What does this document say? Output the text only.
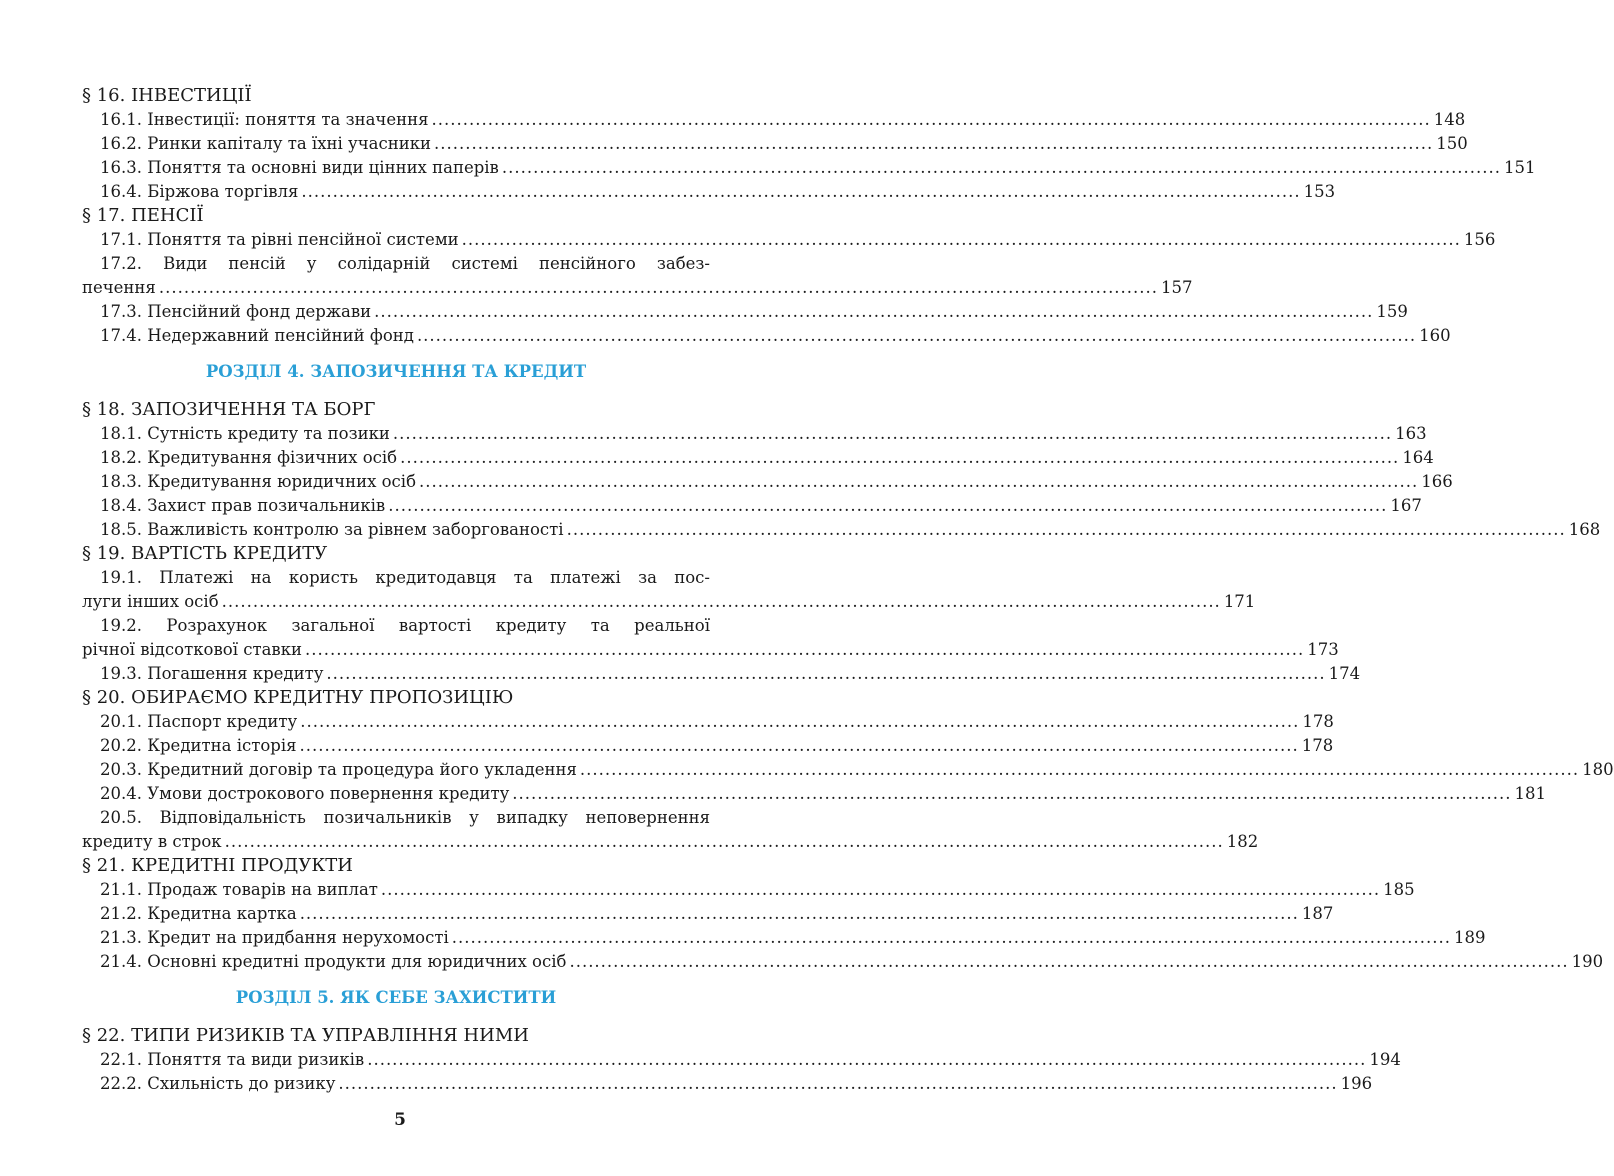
§ 16. ІНВЕСТИЦІЇ
16.1. Інвестиції: поняття та значення ................................................................................................................................................................ 148
16.2. Ринки капіталу та їхні учасники ................................................................................................................................................................ 150
16.3. Поняття та основні види цінних паперів ................................................................................................................................................................ 151
16.4. Біржова торгівля ................................................................................................................................................................ 153
§ 17. ПЕНСІЇ
17.1. Поняття та рівні пенсійної системи ................................................................................................................................................................ 156
17.2. Види пенсій у солідарній системі пенсійного забез-
печення ................................................................................................................................................................ 157
17.3. Пенсійний фонд держави ................................................................................................................................................................ 159
17.4. Недержавний пенсійний фонд ................................................................................................................................................................ 160
РОЗДІЛ 4. ЗАПОЗИЧЕННЯ ТА КРЕДИТ
§ 18. ЗАПОЗИЧЕННЯ ТА БОРГ
18.1. Сутність кредиту та позики ................................................................................................................................................................ 163
18.2. Кредитування фізичних осіб ................................................................................................................................................................ 164
18.3. Кредитування юридичних осіб ................................................................................................................................................................ 166
18.4. Захист прав позичальників ................................................................................................................................................................ 167
18.5. Важливість контролю за рівнем заборгованості ................................................................................................................................................................ 168
§ 19. ВАРТІСТЬ КРЕДИТУ
19.1. Платежі на користь кредитодавця та платежі за пос-
луги інших осіб ................................................................................................................................................................ 171
19.2. Розрахунок загальної вартості кредиту та реальної
річної відсоткової ставки ................................................................................................................................................................ 173
19.3. Погашення кредиту ................................................................................................................................................................ 174
§ 20. ОБИРАЄМО КРЕДИТНУ ПРОПОЗИЦІЮ
20.1. Паспорт кредиту ................................................................................................................................................................ 178
20.2. Кредитна історія ................................................................................................................................................................ 178
20.3. Кредитний договір та процедура його укладення ................................................................................................................................................................ 180
20.4. Умови дострокового повернення кредиту ................................................................................................................................................................ 181
20.5. Відповідальність позичальників у випадку неповернення
кредиту в строк ................................................................................................................................................................ 182
§ 21. КРЕДИТНІ ПРОДУКТИ
21.1. Продаж товарів на виплат ................................................................................................................................................................ 185
21.2. Кредитна картка ................................................................................................................................................................ 187
21.3. Кредит на придбання нерухомості ................................................................................................................................................................ 189
21.4. Основні кредитні продукти для юридичних осіб ................................................................................................................................................................ 190
РОЗДІЛ 5. ЯК СЕБЕ ЗАХИСТИТИ
§ 22. ТИПИ РИЗИКІВ ТА УПРАВЛІННЯ НИМИ
22.1. Поняття та види ризиків ................................................................................................................................................................ 194
22.2. Схильність до ризику ................................................................................................................................................................ 196
5
